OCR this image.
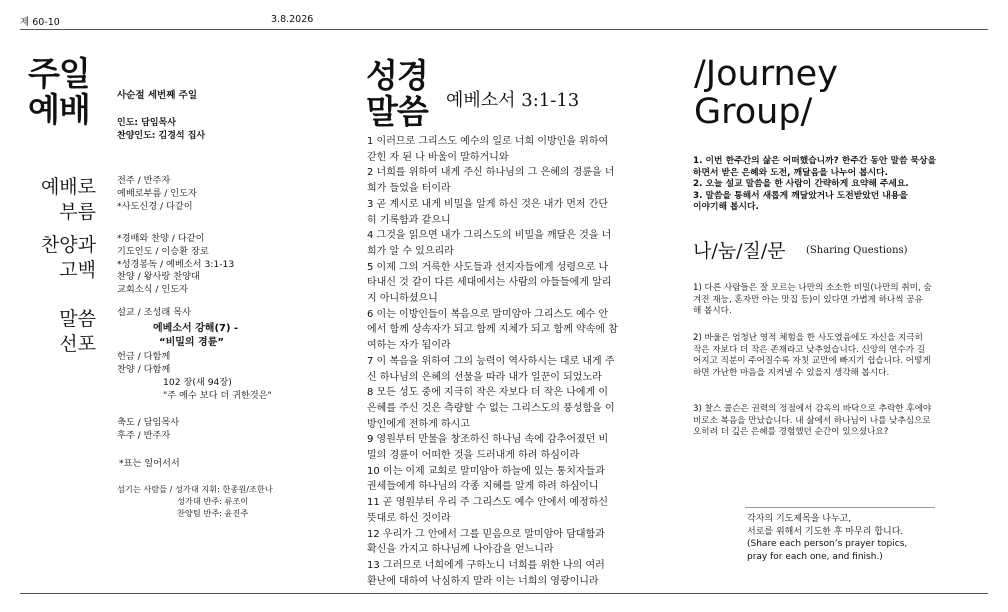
제 60-10	3.8.2026
주일
예배	사순절 세번째 주일
인도: 담임목사
찬양인도: 김경석 집사
예배로
부름
전주 / 반주자
예배로부름 / 인도자
*사도신경 / 다같이
찬양과
고백
*경배와 찬양 / 다같이
기도인도 / 이승환 장로
*성경봉독 / 예베소서 3:1-13
찬양 / 왕사랑 찬양대
교회소식 / 인도자
말씀
선포
설교 / 조성래 목사
에베소서 강해(7) -
“비밀의 경륜”
헌금 / 다함께
찬양 / 다함께
102 장(새 94장)
"주 예수 보다 더 귀한것은"
축도 / 담임목사
후주 / 반주자
*표는 일어서서
섬기는 사람들 / 성가대 지휘: 한종원/조한나
성가대 반주: 류조이
찬양팀 반주: 윤진주
성경
말씀 예베소서 3:1-13
1 이러므로 그리스도 예수의 일로 너희 이방인을 위하여
갇힌 자 된 나 바울이 말하거니와
2 너희를 위하여 내게 주신 하나님의 그 은혜의 경륜을 너
희가 들었을 터이라
3 곧 계시로 내게 비밀을 알게 하신 것은 내가 먼저 간단
히 기록함과 같으니
4 그것을 읽으면 내가 그리스도의 비밀을 깨달은 것을 너
희가 알 수 있으리라
5 이제 그의 거룩한 사도들과 선지자들에게 성령으로 나
타내신 것 같이 다른 세대에서는 사람의 아들들에게 알리
지 아니하셨으니
6 이는 이방인들이 복음으로 말미암아 그리스도 예수 안
에서 함께 상속자가 되고 함께 지체가 되고 함께 약속에 참
여하는 자가 됨이라
7 이 복음을 위하여 그의 능력이 역사하시는 대로 내게 주
신 하나님의 은혜의 선물을 따라 내가 일꾼이 되었노라
8 모든 성도 중에 지극히 작은 자보다 더 작은 나에게 이
은혜를 주신 것은 측량할 수 없는 그리스도의 풍성함을 이
방인에게 전하게 하시고
9 영원부터 만물을 창조하신 하나님 속에 감추어졌던 비
밀의 경륜이 어떠한 것을 드러내게 하려 하심이라
10 이는 이제 교회로 말미암아 하늘에 있는 통치자들과
권세들에게 하나님의 각종 지혜를 알게 하려 하심이니
11 곧 영원부터 우리 주 그리스도 예수 안에서 예정하신
뜻대로 하신 것이라
12 우리가 그 안에서 그를 믿음으로 말미암아 담대함과
확신을 가지고 하나님께 나아감을 얻느니라
13 그러므로 너희에게 구하노니 너희를 위한 나의 여러
환난에 대하여 낙심하지 말라 이는 너희의 영광이니라
/Journey
Group/
1. 이번 한주간의 삶은 어떠했습니까? 한주간 동안 말씀 묵상을
하면서 받은 은혜와 도전, 깨달음을 나누어 봅시다.
2. 오늘 설교 말씀을 한 사람이 간략하게 요약해 주세요.
3. 말씀을 통해서 새롭게 깨달았거나 도전받았던 내용을
이야기해 봅시다.
나/눔/질/문 (Sharing Questions)
1) 다른 사람들은 잘 모르는 나만의 소소한 비밀(나만의 취미, 숨
겨진 재능, 혼자만 아는 맛집 등)이 있다면 가볍게 하나씩 공유
해 봅시다.
2) 바울은 엄청난 영적 체험을 한 사도였음에도 자신을 지극히
작은 자보다 더 작은 존재라고 낮추었습니다. 신앙의 연수가 길
어지고 직분이 주어질수록 자칫 교만에 빠지기 쉽습니다. 어떻게
하면 가난한 마음을 지켜낼 수 있을지 생각해 봅시다.
3) 찰스 콜슨은 권력의 정점에서 감옥의 바닥으로 추락한 후에야
비로소 복음을 만났습니다. 내 삶에서 하나님이 나를 낮추심으로
오히려 더 깊은 은혜를 경험했던 순간이 있으셨나요?
각자의 기도제목을 나누고,
서로를 위해서 기도한 후 마무리 합니다.
(Share each person’s prayer topics,
pray for each one, and finish.)
